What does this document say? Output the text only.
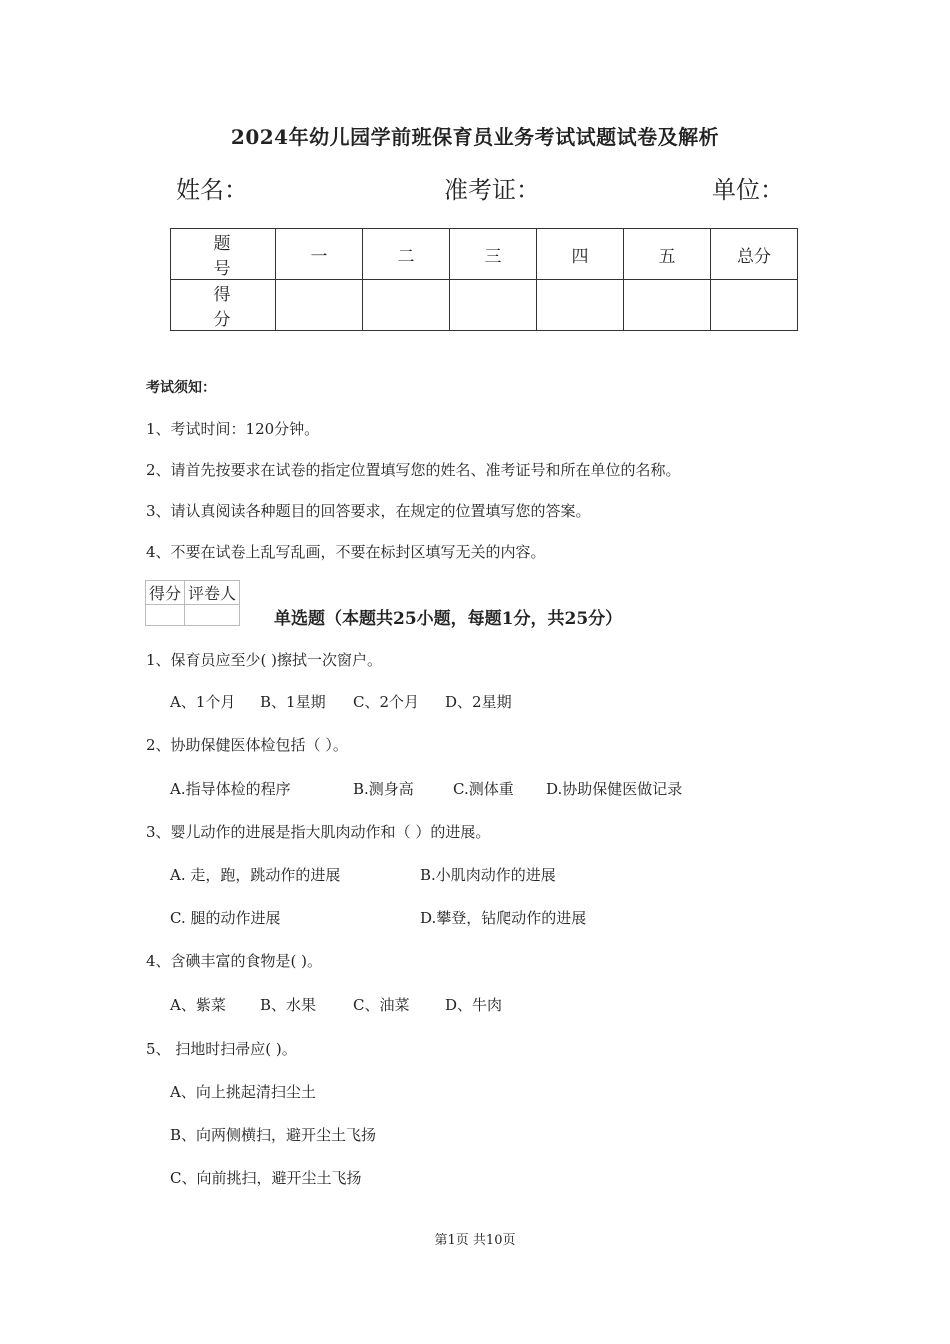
2024年幼儿园学前班保育员业务考试试题试卷及解析
姓名：	准考证：	单位：
题 号	一	二	三	四	五	总分
得 分						
考试须知：
1、考试时间：120分钟。
2、请首先按要求在试卷的指定位置填写您的姓名、准考证号和所在单位的名称。
3、请认真阅读各种题目的回答要求，在规定的位置填写您的答案。
4、不要在试卷上乱写乱画，不要在标封区填写无关的内容。
得分	评卷人

单选题（本题共25小题，每题1分，共25分）
1、保育员应至少( )擦拭一次窗户。
A、1个月 B、1星期 C、2个月 D、2星期
2、协助保健医体检包括（ ）。
A.指导体检的程序	B.测身高	C.测体重 D.协助保健医做记录
3、婴儿动作的进展是指大肌肉动作和（ ）的进展。
A. 走，跑，跳动作的进展	B.小肌肉动作的进展
C. 腿的动作进展	D.攀登，钻爬动作的进展
4、含碘丰富的食物是( )。
A、紫菜 B、水果 C、油菜 D、牛肉
5、 扫地时扫帚应( )。
A、向上挑起清扫尘土
B、向两侧横扫，避开尘土飞扬
C、向前挑扫，避开尘土飞扬
第1页 共10页
